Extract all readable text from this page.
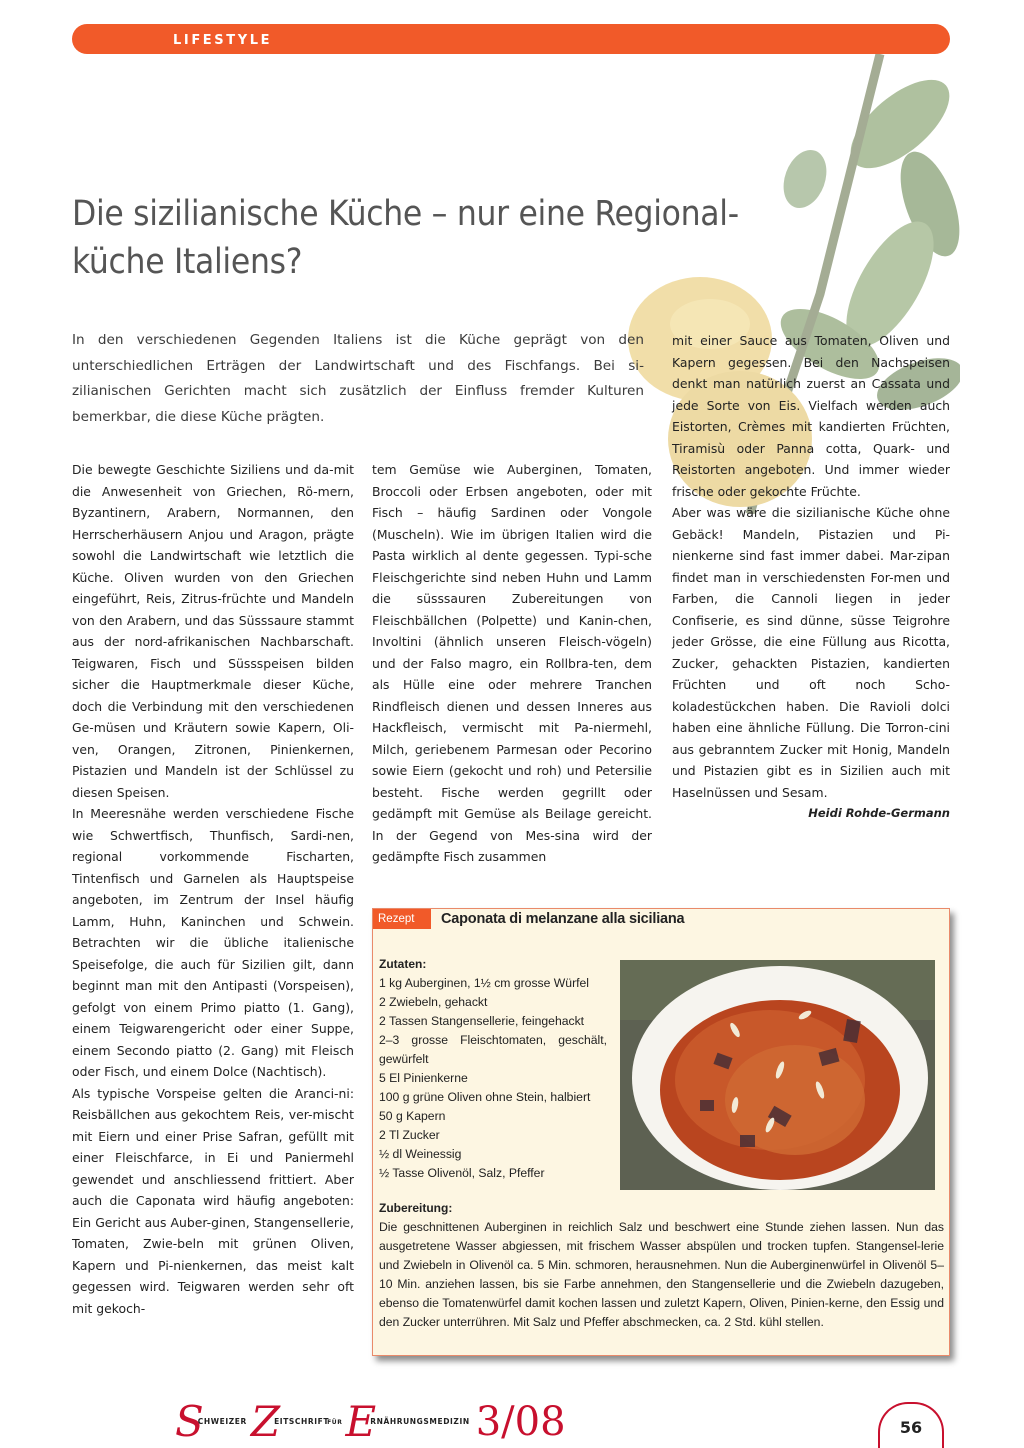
LIFESTYLE
Die sizilianische Küche – nur eine Regional-
küche Italiens?

In den verschiedenen Gegenden Italiens ist die Küche geprägt von den unterschiedlichen Erträgen der Landwirtschaft und des Fischfangs. Bei si-zilianischen Gerichten macht sich zusätzlich der Einfluss fremder Kulturen bemerkbar, die diese Küche prägten.

Die bewegte Geschichte Siziliens und da-mit die Anwesenheit von Griechen, Rö-mern, Byzantinern, Arabern, Normannen, den Herrscherhäusern Anjou und Aragon, prägte sowohl die Landwirtschaft wie letztlich die Küche. Oliven wurden von den Griechen eingeführt, Reis, Zitrus-früchte und Mandeln von den Arabern, und das Süsssaure stammt aus der nord-afrikanischen Nachbarschaft. Teigwaren, Fisch und Süssspeisen bilden sicher die Hauptmerkmale dieser Küche, doch die Verbindung mit den verschiedenen Ge-müsen und Kräutern sowie Kapern, Oli-ven, Orangen, Zitronen, Pinienkernen, Pistazien und Mandeln ist der Schlüssel zu diesen Speisen.

In Meeresnähe werden verschiedene Fische wie Schwertfisch, Thunfisch, Sardi-nen, regional vorkommende Fischarten, Tintenfisch und Garnelen als Hauptspeise angeboten, im Zentrum der Insel häufig Lamm, Huhn, Kaninchen und Schwein. Betrachten wir die übliche italienische Speisefolge, die auch für Sizilien gilt, dann beginnt man mit den Antipasti (Vorspeisen), gefolgt von einem Primo piatto (1. Gang), einem Teigwarengericht oder einer Suppe, einem Secondo piatto (2. Gang) mit Fleisch oder Fisch, und einem Dolce (Nachtisch).

Als typische Vorspeise gelten die Aranci-ni: Reisbällchen aus gekochtem Reis, ver-mischt mit Eiern und einer Prise Safran, gefüllt mit einer Fleischfarce, in Ei und Paniermehl gewendet und anschliessend frittiert. Aber auch die Caponata wird häufig angeboten: Ein Gericht aus Auber-ginen, Stangensellerie, Tomaten, Zwie-beln mit grünen Oliven, Kapern und Pi-nienkernen, das meist kalt gegessen wird. Teigwaren werden sehr oft mit gekoch-

tem Gemüse wie Auberginen, Tomaten, Broccoli oder Erbsen angeboten, oder mit Fisch – häufig Sardinen oder Vongole (Muscheln). Wie im übrigen Italien wird die Pasta wirklich al dente gegessen. Typi-sche Fleischgerichte sind neben Huhn und Lamm die süsssauren Zubereitungen von Fleischbällchen (Polpette) und Kanin-chen, Involtini (ähnlich unseren Fleisch-vögeln) und der Falso magro, ein Rollbra-ten, dem als Hülle eine oder mehrere Tranchen Rindfleisch dienen und dessen Inneres aus Hackfleisch, vermischt mit Pa-niermehl, Milch, geriebenem Parmesan oder Pecorino sowie Eiern (gekocht und roh) und Petersilie besteht. Fische werden gegrillt oder gedämpft mit Gemüse als Beilage gereicht. In der Gegend von Mes-sina wird der gedämpfte Fisch zusammen

mit einer Sauce aus Tomaten, Oliven und Kapern gegessen. Bei den Nachspeisen denkt man natürlich zuerst an Cassata und jede Sorte von Eis. Vielfach werden auch Eistorten, Crèmes mit kandierten Früchten, Tiramisù oder Panna cotta, Quark- und Reistorten angeboten. Und immer wieder frische oder gekochte Früchte.

Aber was wäre die sizilianische Küche ohne Gebäck! Mandeln, Pistazien und Pi-nienkerne sind fast immer dabei. Mar-zipan findet man in verschiedensten For-men und Farben, die Cannoli liegen in jeder Confiserie, es sind dünne, süsse Teigrohre jeder Grösse, die eine Füllung aus Ricotta, Zucker, gehackten Pistazien, kandierten Früchten und oft noch Scho-koladestückchen haben. Die Ravioli dolci haben eine ähnliche Füllung. Die Torron-cini aus gebranntem Zucker mit Honig, Mandeln und Pistazien gibt es in Sizilien auch mit Haselnüssen und Sesam.

Heidi Rohde-Germann

Rezept	Caponata di melanzane alla siciliana
Zutaten:
1 kg Auberginen, 1½ cm grosse Würfel
2 Zwiebeln, gehackt
2 Tassen Stangensellerie, feingehackt
2–3 grosse Fleischtomaten, geschält, gewürfelt
5 El Pinienkerne
100 g grüne Oliven ohne Stein, halbiert
50 g Kapern
2 Tl Zucker
½ dl Weinessig
½ Tasse Olivenöl, Salz, Pfeffer
Zubereitung:

Die geschnittenen Auberginen in reichlich Salz und beschwert eine Stunde ziehen lassen. Nun das ausgetretene Wasser abgiessen, mit frischem Wasser abspülen und trocken tupfen. Stangensel-lerie und Zwiebeln in Olivenöl ca. 5 Min. schmoren, herausnehmen. Nun die Auberginenwürfel in Olivenöl 5–10 Min. anziehen lassen, bis sie Farbe annehmen, den Stangensellerie und die Zwiebeln dazugeben, ebenso die Tomatenwürfel damit kochen lassen und zuletzt Kapern, Oliven, Pinien-kerne, den Essig und den Zucker unterrühren. Mit Salz und Pfeffer abschmecken, ca. 2 Std. kühl stellen.

S
CHWEIZER Z
EITSCHRIFT
FÜR E
RNÄHRUNGSMEDIZIN 3/08	56
